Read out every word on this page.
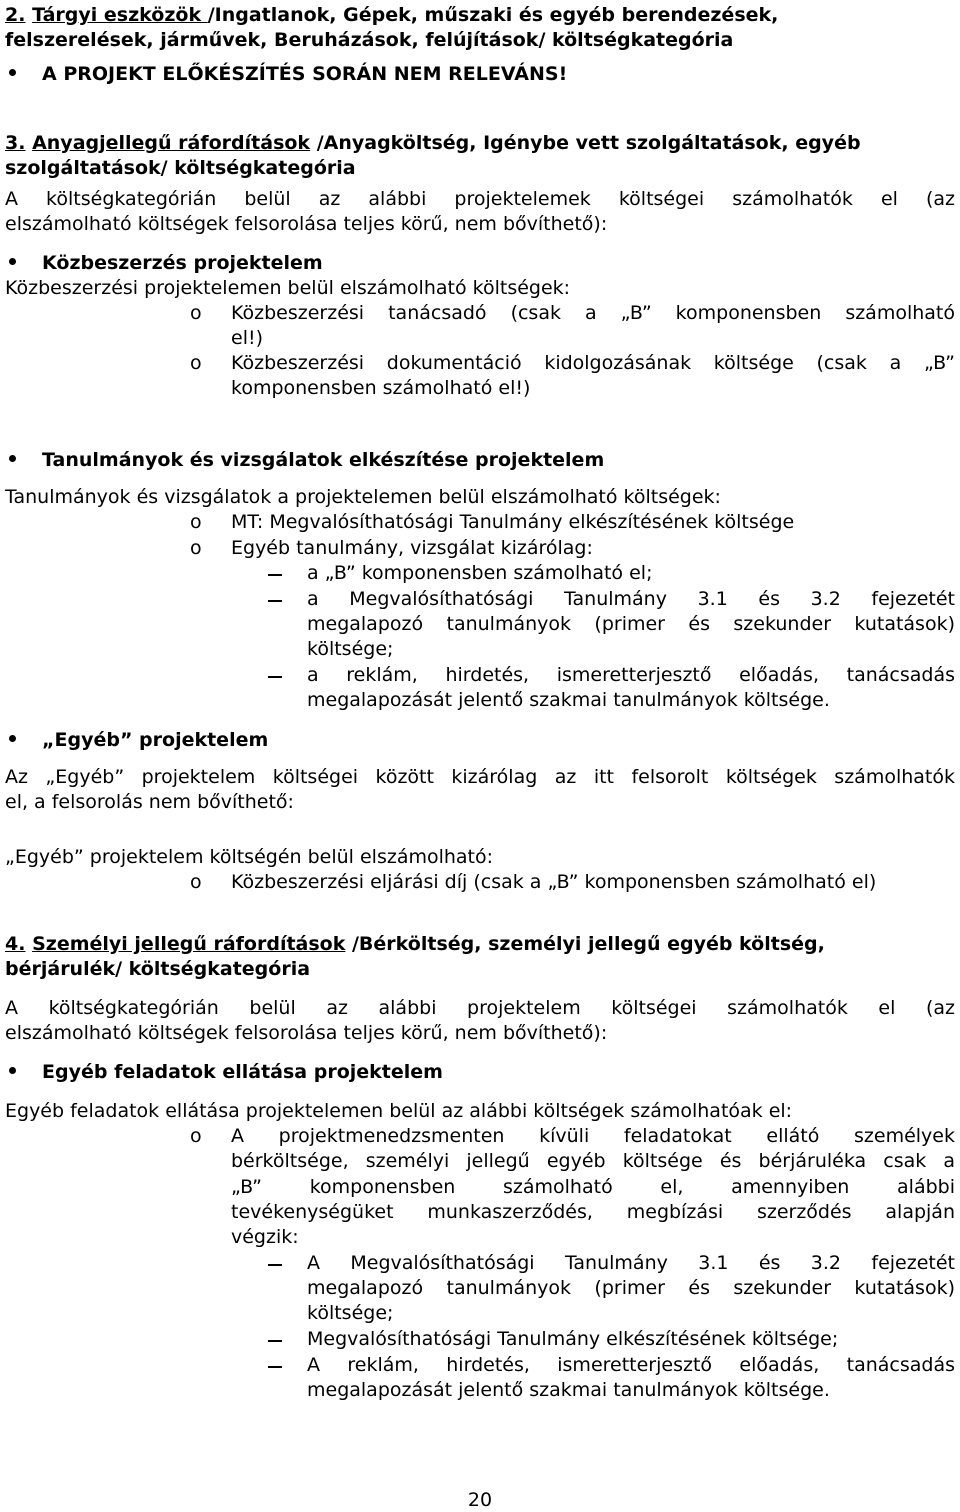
2. Tárgyi eszközök /Ingatlanok, Gépek, műszaki és egyéb berendezések,
felszerelések, járművek, Beruházások, felújítások/ költségkategória
A PROJEKT ELŐKÉSZÍTÉS SORÁN NEM RELEVÁNS!
3. Anyagjellegű ráfordítások /Anyagköltség, Igénybe vett szolgáltatások, egyéb
szolgáltatások/ költségkategória
A költségkategórián belül az alábbi projektelemek költségei számolhatók el (az
elszámolható költségek felsorolása teljes körű, nem bővíthető):
Közbeszerzés projektelem
Közbeszerzési projektelemen belül elszámolható költségek:
o Közbeszerzési tanácsadó (csak a „B” komponensben számolható
el!)
o Közbeszerzési dokumentáció kidolgozásának költsége (csak a „B”
komponensben számolható el!)
Tanulmányok és vizsgálatok elkészítése projektelem
Tanulmányok és vizsgálatok a projektelemen belül elszámolható költségek:
o MT: Megvalósíthatósági Tanulmány elkészítésének költsége
o Egyéb tanulmány, vizsgálat kizárólag:
a „B” komponensben számolható el;
a Megvalósíthatósági Tanulmány 3.1 és 3.2 fejezetét
megalapozó tanulmányok (primer és szekunder kutatások)
költsége;
a reklám, hirdetés, ismeretterjesztő előadás, tanácsadás
megalapozását jelentő szakmai tanulmányok költsége.
„Egyéb” projektelem
Az „Egyéb” projektelem költségei között kizárólag az itt felsorolt költségek számolhatók
el, a felsorolás nem bővíthető:
„Egyéb” projektelem költségén belül elszámolható:
o Közbeszerzési eljárási díj (csak a „B” komponensben számolható el)
4. Személyi jellegű ráfordítások /Bérköltség, személyi jellegű egyéb költség,
bérjárulék/ költségkategória
A költségkategórián belül az alábbi projektelem költségei számolhatók el (az
elszámolható költségek felsorolása teljes körű, nem bővíthető):
Egyéb feladatok ellátása projektelem
Egyéb feladatok ellátása projektelemen belül az alábbi költségek számolhatóak el:
o A projektmenedzsmenten kívüli feladatokat ellátó személyek
bérköltsége, személyi jellegű egyéb költsége és bérjáruléka csak a
„B” komponensben számolható el, amennyiben alábbi
tevékenységüket munkaszerződés, megbízási szerződés alapján
végzik:
A Megvalósíthatósági Tanulmány 3.1 és 3.2 fejezetét
megalapozó tanulmányok (primer és szekunder kutatások)
költsége;
Megvalósíthatósági Tanulmány elkészítésének költsége;
A reklám, hirdetés, ismeretterjesztő előadás, tanácsadás
megalapozását jelentő szakmai tanulmányok költsége.
20
